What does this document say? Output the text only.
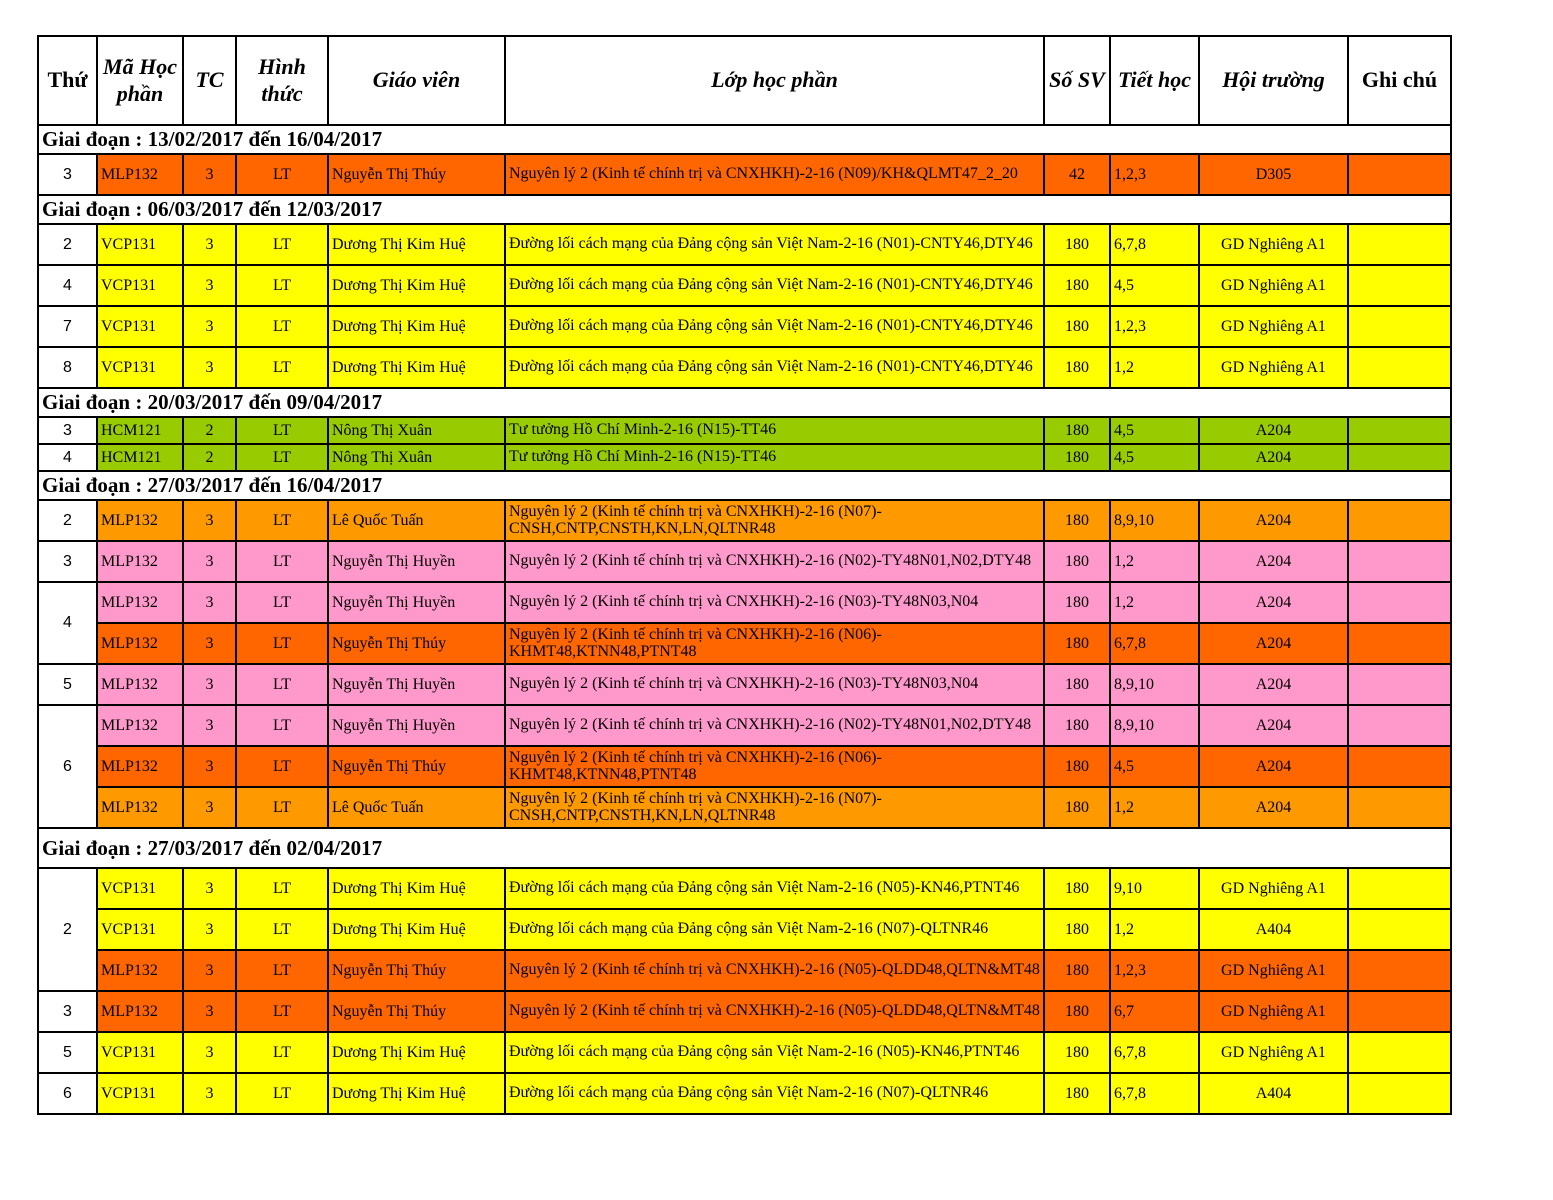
Thứ	Mã Học phần	TC	Hình thức	Giáo viên	Lớp học phần	Số SV	Tiết học	Hội trường	Ghi chú
Giai đoạn : 13/02/2017 đến 16/04/2017									
3	MLP132	3	LT	Nguyễn Thị Thúy	Nguyên lý 2 (Kinh tế chính trị và CNXHKH)-2-16 (N09)/KH&QLMT47_2_20	42	1,2,3	D305	
Giai đoạn : 06/03/2017 đến 12/03/2017									
2	VCP131	3	LT	Dương Thị Kim Huệ	Đường lối cách mạng của Đảng cộng sản Việt Nam-2-16 (N01)-CNTY46,DTY46	180	6,7,8	GD Nghiêng A1	
4	VCP131	3	LT	Dương Thị Kim Huệ	Đường lối cách mạng của Đảng cộng sản Việt Nam-2-16 (N01)-CNTY46,DTY46	180	4,5	GD Nghiêng A1	
7	VCP131	3	LT	Dương Thị Kim Huệ	Đường lối cách mạng của Đảng cộng sản Việt Nam-2-16 (N01)-CNTY46,DTY46	180	1,2,3	GD Nghiêng A1	
8	VCP131	3	LT	Dương Thị Kim Huệ	Đường lối cách mạng của Đảng cộng sản Việt Nam-2-16 (N01)-CNTY46,DTY46	180	1,2	GD Nghiêng A1	
Giai đoạn : 20/03/2017 đến 09/04/2017									
3	HCM121	2	LT	Nông Thị Xuân	Tư tưởng Hồ Chí Minh-2-16 (N15)-TT46	180	4,5	A204	
4	HCM121	2	LT	Nông Thị Xuân	Tư tưởng Hồ Chí Minh-2-16 (N15)-TT46	180	4,5	A204	
Giai đoạn : 27/03/2017 đến 16/04/2017									
2	MLP132	3	LT	Lê Quốc Tuấn	Nguyên lý 2 (Kinh tế chính trị và CNXHKH)-2-16 (N07)-CNSH,CNTP,CNSTH,KN,LN,QLTNR48	180	8,9,10	A204	
3	MLP132	3	LT	Nguyễn Thị Huyền	Nguyên lý 2 (Kinh tế chính trị và CNXHKH)-2-16 (N02)-TY48N01,N02,DTY48	180	1,2	A204	
4	MLP132	3	LT	Nguyễn Thị Huyền	Nguyên lý 2 (Kinh tế chính trị và CNXHKH)-2-16 (N03)-TY48N03,N04	180	1,2	A204	
	MLP132	3	LT	Nguyễn Thị Thúy	Nguyên lý 2 (Kinh tế chính trị và CNXHKH)-2-16 (N06)-KHMT48,KTNN48,PTNT48	180	6,7,8	A204	
5	MLP132	3	LT	Nguyễn Thị Huyền	Nguyên lý 2 (Kinh tế chính trị và CNXHKH)-2-16 (N03)-TY48N03,N04	180	8,9,10	A204	
6	MLP132	3	LT	Nguyễn Thị Huyền	Nguyên lý 2 (Kinh tế chính trị và CNXHKH)-2-16 (N02)-TY48N01,N02,DTY48	180	8,9,10	A204	
	MLP132	3	LT	Nguyễn Thị Thúy	Nguyên lý 2 (Kinh tế chính trị và CNXHKH)-2-16 (N06)-KHMT48,KTNN48,PTNT48	180	4,5	A204	
	MLP132	3	LT	Lê Quốc Tuấn	Nguyên lý 2 (Kinh tế chính trị và CNXHKH)-2-16 (N07)-CNSH,CNTP,CNSTH,KN,LN,QLTNR48	180	1,2	A204	
Giai đoạn : 27/03/2017 đến 02/04/2017									
2	VCP131	3	LT	Dương Thị Kim Huệ	Đường lối cách mạng của Đảng cộng sản Việt Nam-2-16 (N05)-KN46,PTNT46	180	9,10	GD Nghiêng A1	
	VCP131	3	LT	Dương Thị Kim Huệ	Đường lối cách mạng của Đảng cộng sản Việt Nam-2-16 (N07)-QLTNR46	180	1,2	A404	
	MLP132	3	LT	Nguyễn Thị Thúy	Nguyên lý 2 (Kinh tế chính trị và CNXHKH)-2-16 (N05)-QLDD48,QLTN&MT48	180	1,2,3	GD Nghiêng A1	
3	MLP132	3	LT	Nguyễn Thị Thúy	Nguyên lý 2 (Kinh tế chính trị và CNXHKH)-2-16 (N05)-QLDD48,QLTN&MT48	180	6,7	GD Nghiêng A1	
5	VCP131	3	LT	Dương Thị Kim Huệ	Đường lối cách mạng của Đảng cộng sản Việt Nam-2-16 (N05)-KN46,PTNT46	180	6,7,8	GD Nghiêng A1	
6	VCP131	3	LT	Dương Thị Kim Huệ	Đường lối cách mạng của Đảng cộng sản Việt Nam-2-16 (N07)-QLTNR46	180	6,7,8	A404	
